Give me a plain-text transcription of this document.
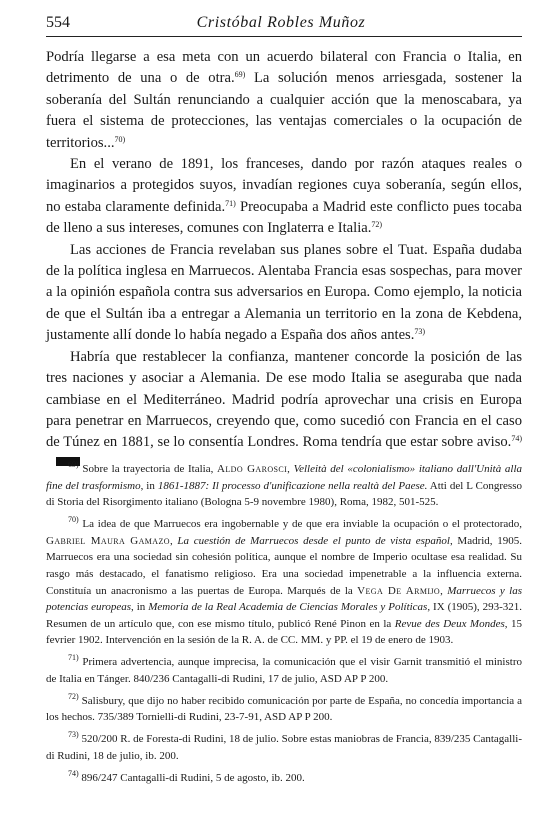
554	Cristóbal Robles Muñoz

Podría llegarse a esa meta con un acuerdo bilateral con Francia o Italia, en detrimento de una o de otra.$^{69)}$ La solución menos arriesgada, sostener la soberanía del Sultán renunciando a cualquier acción que la menoscabara, ya fuera el sistema de protecciones, las ventajas comerciales o la ocupación de territorios...$^{70)}$

En el verano de 1891, los franceses, dando por razón ataques reales o imaginarios a protegidos suyos, invadían regiones cuya soberanía, según ellos, no estaba claramente definida.$^{71)}$ Preocupaba a Madrid este conflicto pues tocaba de lleno a sus intereses, comunes con Inglaterra e Italia.$^{72)}$

Las acciones de Francia revelaban sus planes sobre el Tuat. España dudaba de la política inglesa en Marruecos. Alentaba Francia esas sospechas, para mover a la opinión española contra sus adversarios en Europa. Como ejemplo, la noticia de que el Sultán iba a entregar a Alemania un territorio en la zona de Kebdena, justamente allí donde lo había negado a España dos años antes.$^{73)}$

Habría que restablecer la confianza, mantener concorde la posición de las tres naciones y asociar a Alemania. De ese modo Italia se aseguraba que nada cambiase en el Mediterráneo. Madrid podría aprovechar una crisis en Europa para penetrar en Marruecos, creyendo que, como sucedió con Francia en el caso de Túnez en 1881, se lo consentía Londres. Roma tendría que estar sobre aviso.$^{74)}$

$^{69)}$ Sobre la trayectoria de Italia, Aldo Garosci, Velleità del «colonialismo» italiano dall'Unità alla fine del trasformismo, in 1861-1887: Il processo d'unificazione nella realtà del Paese. Atti del L Congresso di Storia del Risorgimento italiano (Bologna 5-9 novembre 1980), Roma, 1982, 501-525.

$^{70)}$ La idea de que Marruecos era ingobernable y de que era inviable la ocupación o el protectorado, Gabriel Maura Gamazo, La cuestión de Marruecos desde el punto de vista español, Madrid, 1905. Marruecos era una sociedad sin cohesión política, aunque el nombre de Imperio ocultase esa realidad. Su rasgo más destacado, el fanatismo religioso. Era una sociedad impenetrable a la influencia externa. Constituía un anacronismo a las puertas de Europa. Marqués de la Vega De Armijo, Marruecos y las potencias europeas, in Memoria de la Real Academia de Ciencias Morales y Políticas, IX (1905), 293-321. Resumen de un artículo que, con ese mismo título, publicó René Pinon en la Revue des Deux Mondes, 15 fevrier 1902. Intervención en la sesión de la R. A. de CC. MM. y PP. el 19 de enero de 1903.

$^{71)}$ Primera advertencia, aunque imprecisa, la comunicación que el visir Garnit transmitió el ministro de Italia en Tánger. 840/236 Cantagalli-di Rudini, 17 de julio, ASD AP P 200.

$^{72)}$ Salisbury, que dijo no haber recibido comunicación por parte de España, no concedía importancia a los hechos. 735/389 Tornielli-di Rudini, 23-7-91, ASD AP P 200.

$^{73)}$ 520/200 R. de Foresta-di Rudini, 18 de julio. Sobre estas maniobras de Francia, 839/235 Cantagalli-di Rudini, 18 de julio, ib. 200.

$^{74)}$ 896/247 Cantagalli-di Rudini, 5 de agosto, ib. 200.
